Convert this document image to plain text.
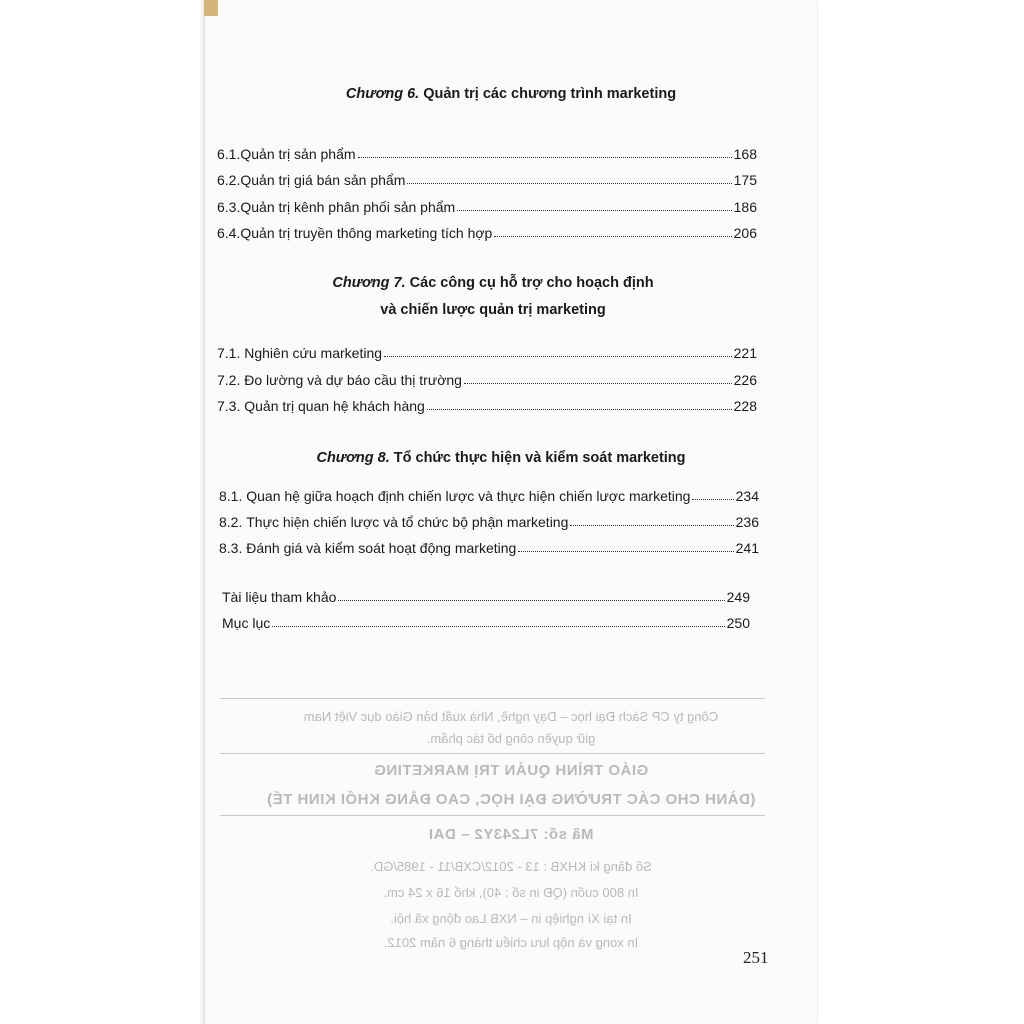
Chương 6. Quản trị các chương trình marketing
6.1. Quản trị sản phẩm	168
6.2. Quản trị giá bán sản phẩm	175
6.3. Quản trị kênh phân phối sản phẩm	186
6.4. Quản trị truyền thông marketing tích hợp	206
Chương 7. Các công cụ hỗ trợ cho hoạch định
và chiến lược quản trị marketing
7.1.
Nghiên cứu marketing	221
7.2.
Đo lường và dự báo cầu thị trường	226
7.3.
Quản trị quan hệ khách hàng	228
Chương 8. Tổ chức thực hiện và kiểm soát marketing
8.1.
Quan hệ giữa hoạch định chiến lược và thực hiện chiến lược marketing	234
8.2.
Thực hiện chiến lược và tổ chức bộ phận marketing	236
8.3.
Đánh giá và kiểm soát hoạt động marketing	241
Tài liệu tham khảo	249
Mục lục	250
Công ty CP Sách Đại học – Dạy nghề, Nhà xuất bản Giáo dục Việt Nam
giữ quyền công bố tác phẩm.
GIÁO TRÌNH QUẢN TRỊ MARKETING
(DÀNH CHO CÁC TRƯỜNG ĐẠI HỌC, CAO ĐẲNG KHỐI KINH TẾ)
Mã số: 7L243Y2 – DAI
Số đăng kí KHXB : 13 - 2012/CXB/11 - 1985/GD.
In 800 cuốn (QĐ in số : 40), khổ 16 x 24 cm.
In tại Xí nghiệp in – NXB Lao động xã hội.
In xong và nộp lưu chiểu tháng 6 năm 2012.
251
